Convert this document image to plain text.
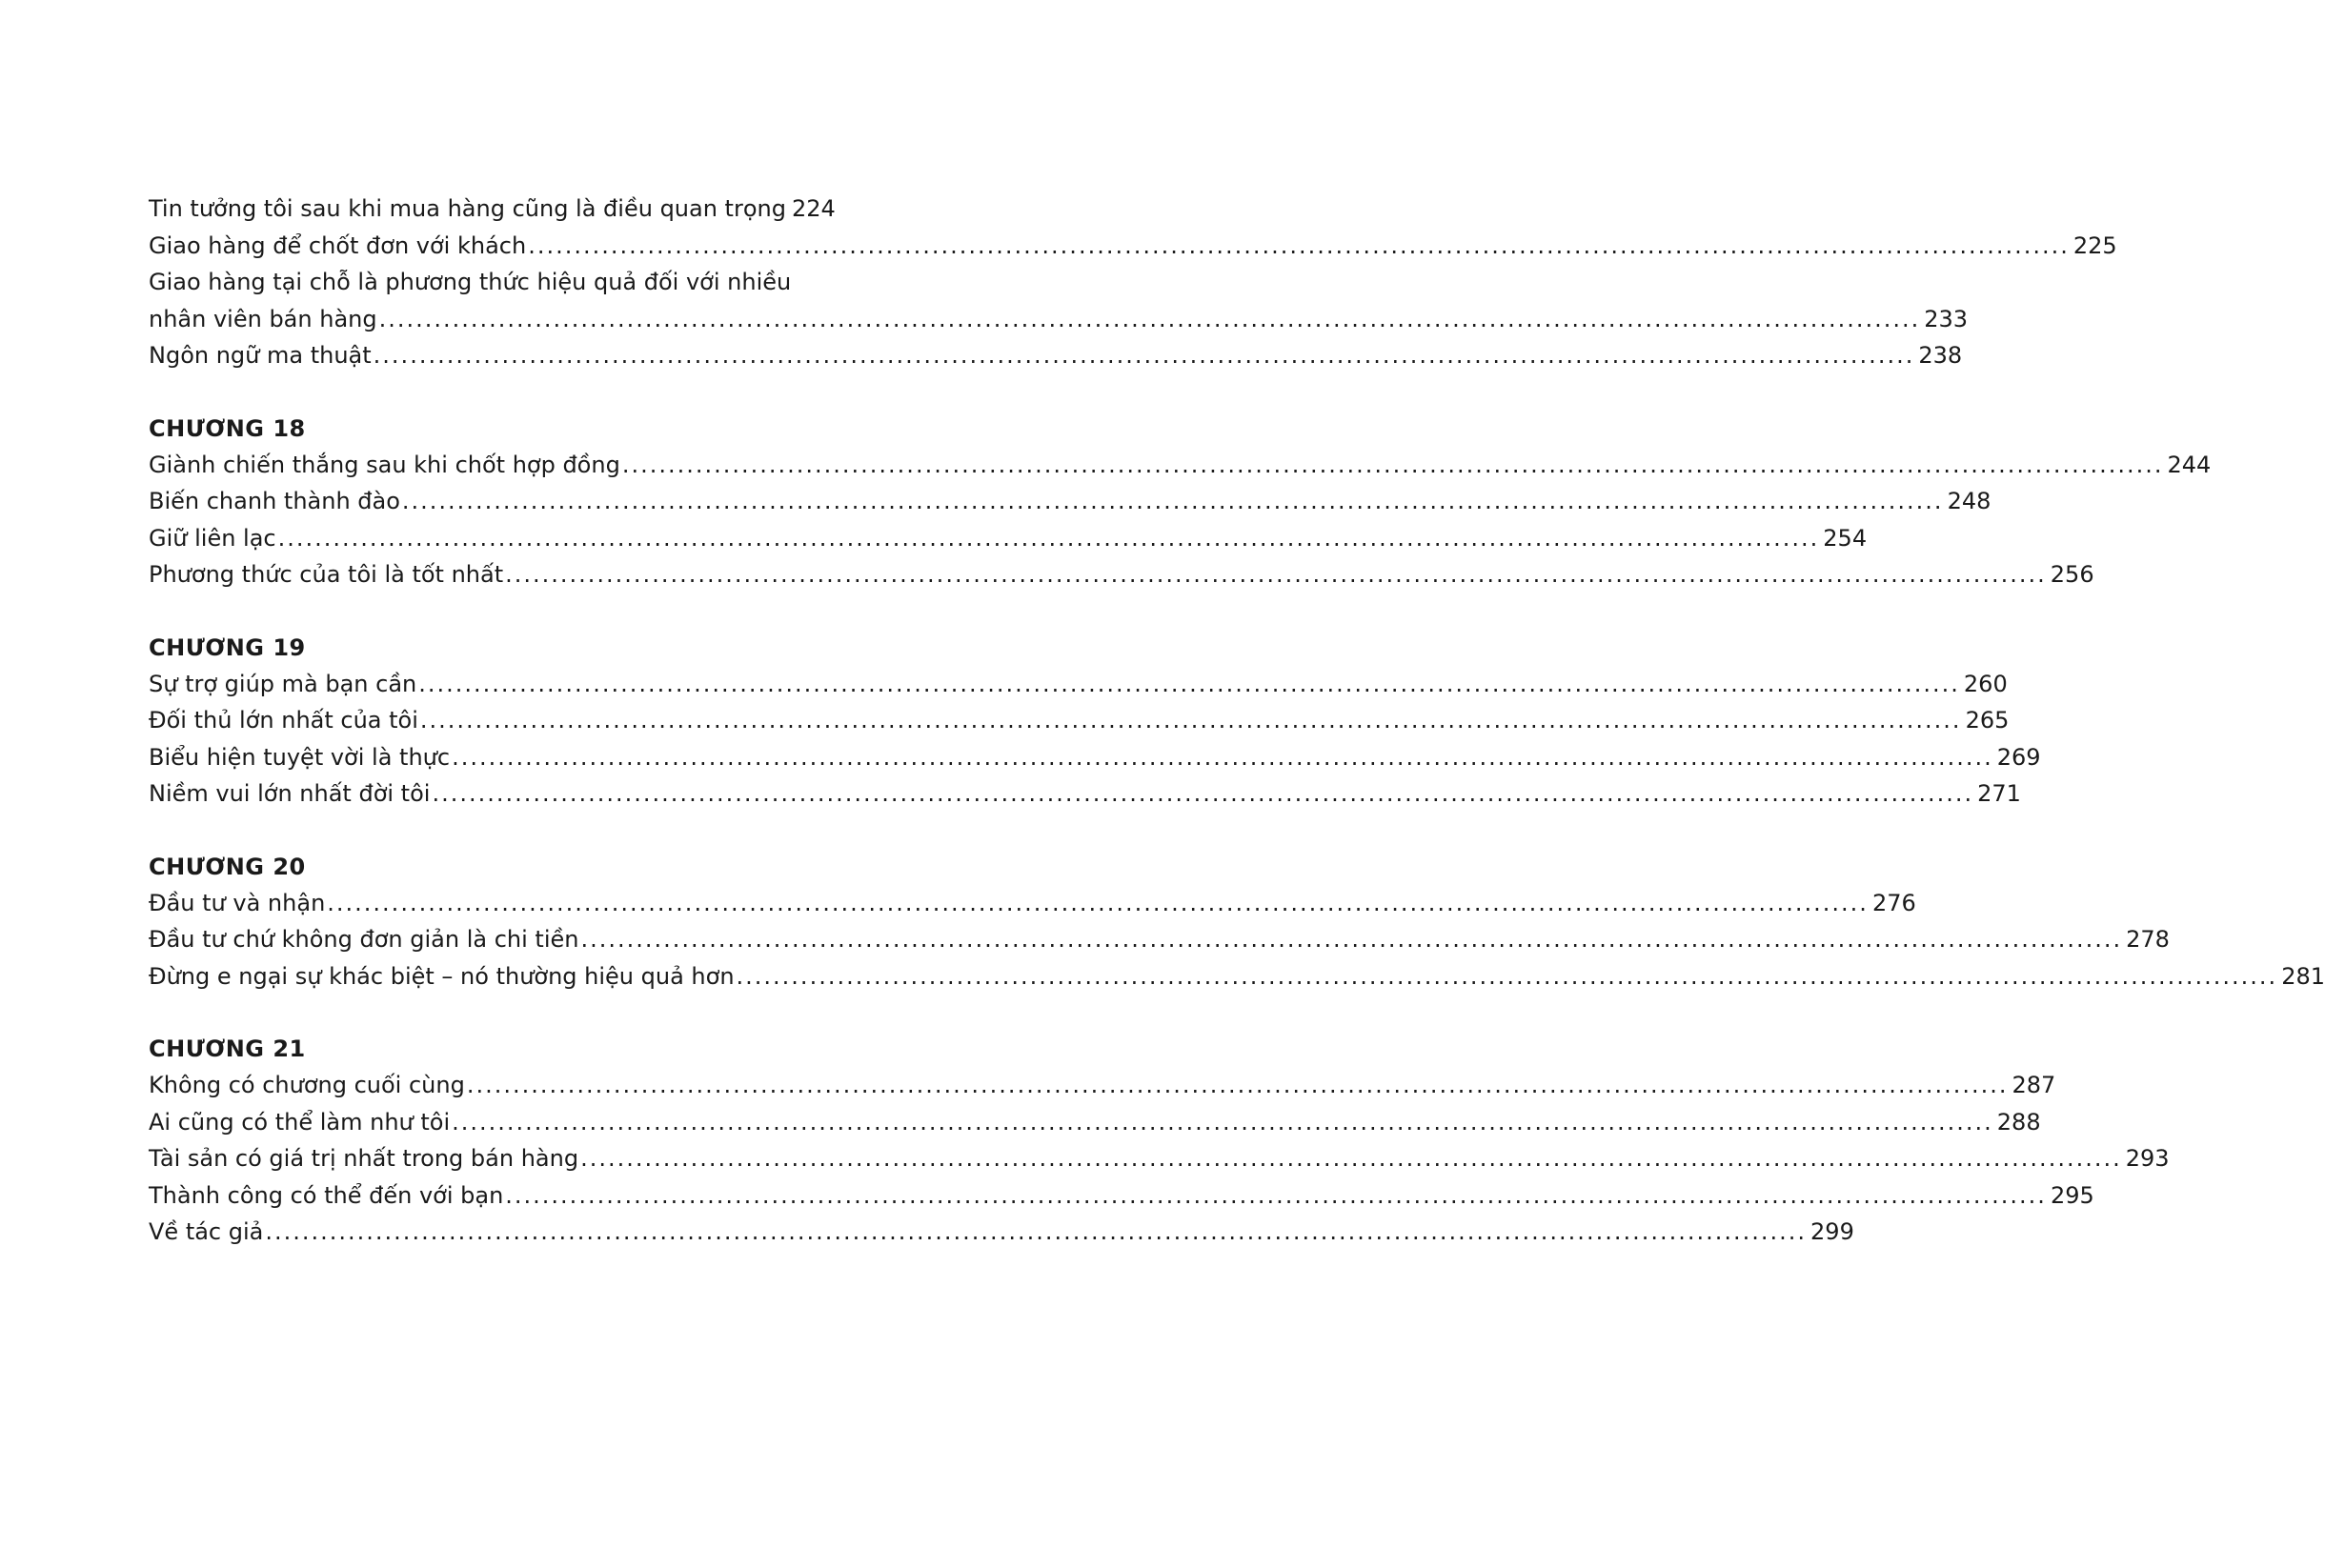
Tin tưởng tôi sau khi mua hàng cũng là điều quan trọng 224
Giao hàng để chốt đơn với khách .....	225
Giao hàng tại chỗ là phương thức hiệu quả đối với nhiều
nhân viên bán hàng .....	233
Ngôn ngữ ma thuật .....	238
CHƯƠNG 18
Giành chiến thắng sau khi chốt hợp đồng .....	244
Biến chanh thành đào .....	248
Giữ liên lạc .....	254
Phương thức của tôi là tốt nhất .....	256
CHƯƠNG 19
Sự trợ giúp mà bạn cần .....	260
Đối thủ lớn nhất của tôi .....	265
Biểu hiện tuyệt vời là thực .....	269
Niềm vui lớn nhất đời tôi .....	271
CHƯƠNG 20
Đầu tư và nhận .....	276
Đầu tư chứ không đơn giản là chi tiền .....	278
Đừng e ngại sự khác biệt – nó thường hiệu quả hơn .....	281
CHƯƠNG 21
Không có chương cuối cùng .....	287
Ai cũng có thể làm như tôi .....	288
Tài sản có giá trị nhất trong bán hàng .....	293
Thành công có thể đến với bạn .....	295
Về tác giả .....	299
